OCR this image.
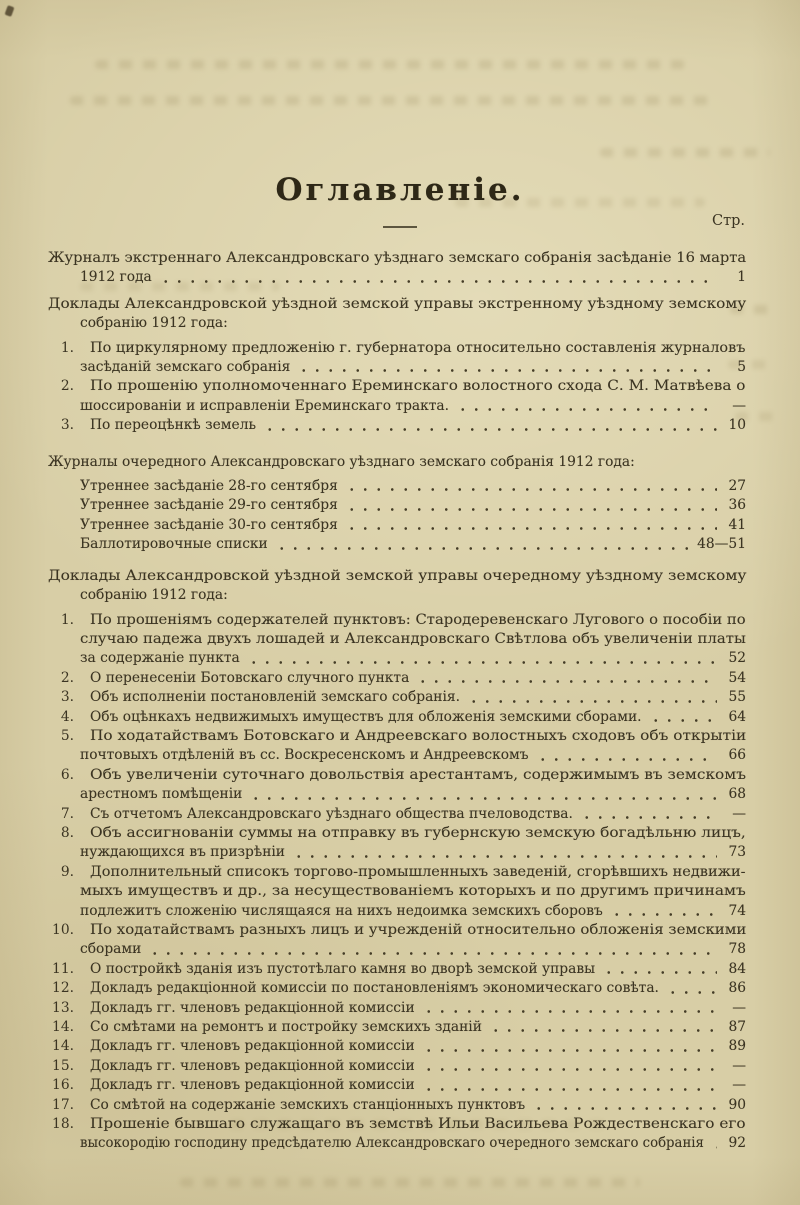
Оглавленіе.
Стр.
Журналъ экстреннаго Александровскаго уѣзднаго земскаго собранія засѣданіе 16 марта
1912 года	1
Доклады Александровской уѣздной земской управы экстренному уѣздному земскому
собранію 1912 года:
1. По циркулярному предложенію г. губернатора относительно составленія журналовъ
засѣданій земскаго собранія	5
2. По прошенію уполномоченнаго Ереминскаго волостного схода С. М. Матвѣева о
шоссированіи и исправленіи Ереминскаго тракта.	—
3. По переоцѣнкѣ земель	10
Журналы очередного Александровскаго уѣзднаго земскаго собранія 1912 года:
Утреннее засѣданіе 28-го сентября	27
Утреннее засѣданіе 29-го сентября	36
Утреннее засѣданіе 30-го сентября	41
Баллотировочные списки	48—51
Доклады Александровской уѣздной земской управы очередному уѣздному земскому
собранію 1912 года:
1. По прошеніямъ содержателей пунктовъ: Стародеревенскаго Лугового о пособіи по
случаю падежа двухъ лошадей и Александровскаго Свѣтлова объ увеличеніи платы
за содержаніе пункта	52
2. О перенесеніи Ботовскаго случного пункта	54
3. Объ исполненіи постановленій земскаго собранія.	55
4. Объ оцѣнкахъ недвижимыхъ имуществъ для обложенія земскими сборами.	64
5. По ходатайствамъ Ботовскаго и Андреевскаго волостныхъ сходовъ объ открытіи
почтовыхъ отдѣленій въ сс. Воскресенскомъ и Андреевскомъ	66
6. Объ увеличеніи суточнаго довольствія арестантамъ, содержимымъ въ земскомъ
арестномъ помѣщеніи	68
7. Съ отчетомъ Александровскаго уѣзднаго общества пчеловодства.	—
8. Объ ассигнованіи суммы на отправку въ губернскую земскую богадѣльню лицъ,
нуждающихся въ призрѣніи	73
9. Дополнительный списокъ торгово-промышленныхъ заведеній, сгорѣвшихъ недвижи-
мыхъ имуществъ и др., за несуществованіемъ которыхъ и по другимъ причинамъ
подлежитъ сложенію числящаяся на нихъ недоимка земскихъ сборовъ	74
10. По ходатайствамъ разныхъ лицъ и учрежденій относительно обложенія земскими
сборами	78
11. О постройкѣ зданія изъ пустотѣлаго камня во дворѣ земской управы	84
12. Докладъ редакціонной комиссіи по постановленіямъ экономическаго совѣта.	86
13. Докладъ гг. членовъ редакціонной комиссіи	—
14. Со смѣтами на ремонтъ и постройку земскихъ зданій	87
14. Докладъ гг. членовъ редакціонной комиссіи	89
15. Докладъ гг. членовъ редакціонной комиссіи	—
16. Докладъ гг. членовъ редакціонной комиссіи	—
17. Со смѣтой на содержаніе земскихъ станціонныхъ пунктовъ	90
18. Прошеніе бывшаго служащаго въ земствѣ Ильи Васильева Рождественскаго его
высокородію господину предсѣдателю Александровскаго очередного земскаго собранія	92
